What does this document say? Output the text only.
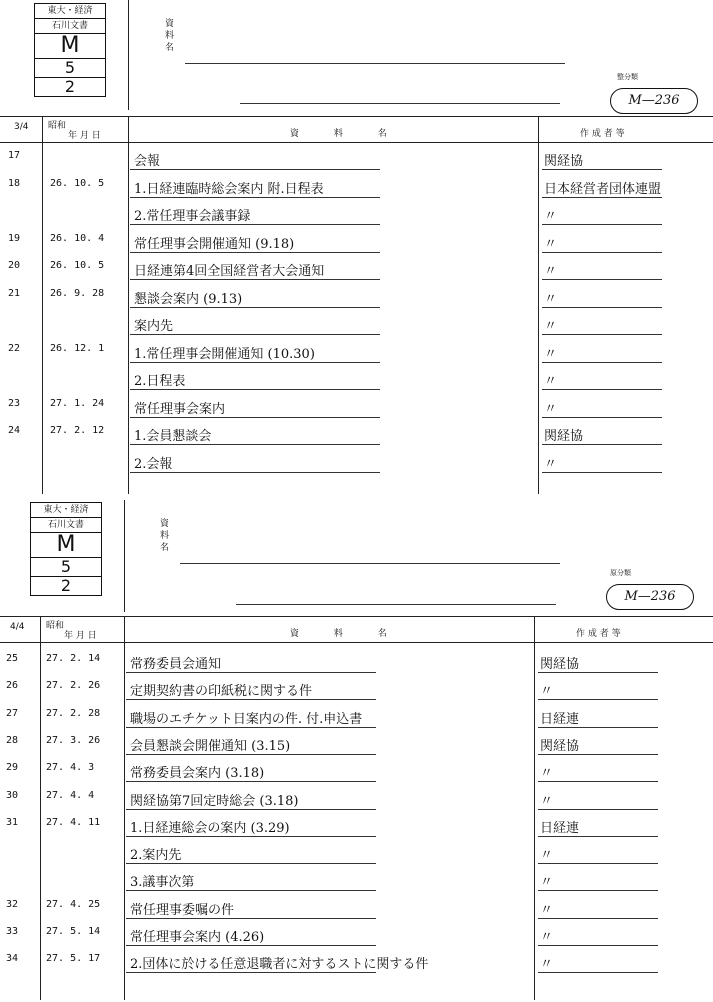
東大・経済
石川文書
M
5
2
資料名
整分類
M—236
3/4 昭和
年 月 日	資 料 名	作 成 者 等
17	会報	関経協
18	26. 10. 5 1.日経連臨時総会案内 附.日程表	日本経営者団体連盟
2.常任理事会議事録	〃
19	26. 10. 4 常任理事会開催通知 (9.18)	〃
20	26. 10. 5 日経連第4回全国経営者大会通知	〃
21	26. 9. 28 懇談会案内 (9.13)	〃
案内先	〃
22	26. 12. 1 1.常任理事会開催通知 (10.30)	〃
2.日程表	〃
23	27. 1. 24 常任理事会案内	〃
24	27. 2. 12 1.会員懇談会	関経協
2.会報	〃
東大・経済
石川文書
M
5
2
資料名
原分類
M—236
4/4 昭和
年 月 日	資 料 名	作 成 者 等
25	27. 2. 14 常務委員会通知	関経協
26	27. 2. 26 定期契約書の印紙税に関する件	〃
27	27. 2. 28 職場のエチケット日案内の件. 付.申込書	日経連
28	27. 3. 26 会員懇談会開催通知 (3.15)	関経協
29	27. 4. 3	常務委員会案内 (3.18)	〃
30	27. 4. 4	関経協第7回定時総会 (3.18)	〃
31	27. 4. 11 1.日経連総会の案内 (3.29)	日経連
2.案内先	〃
3.議事次第	〃
32	27. 4. 25 常任理事委嘱の件	〃
33	27. 5. 14 常任理事会案内 (4.26)	〃
34	27. 5. 17 2.団体に於ける任意退職者に対するストに関する件	〃
